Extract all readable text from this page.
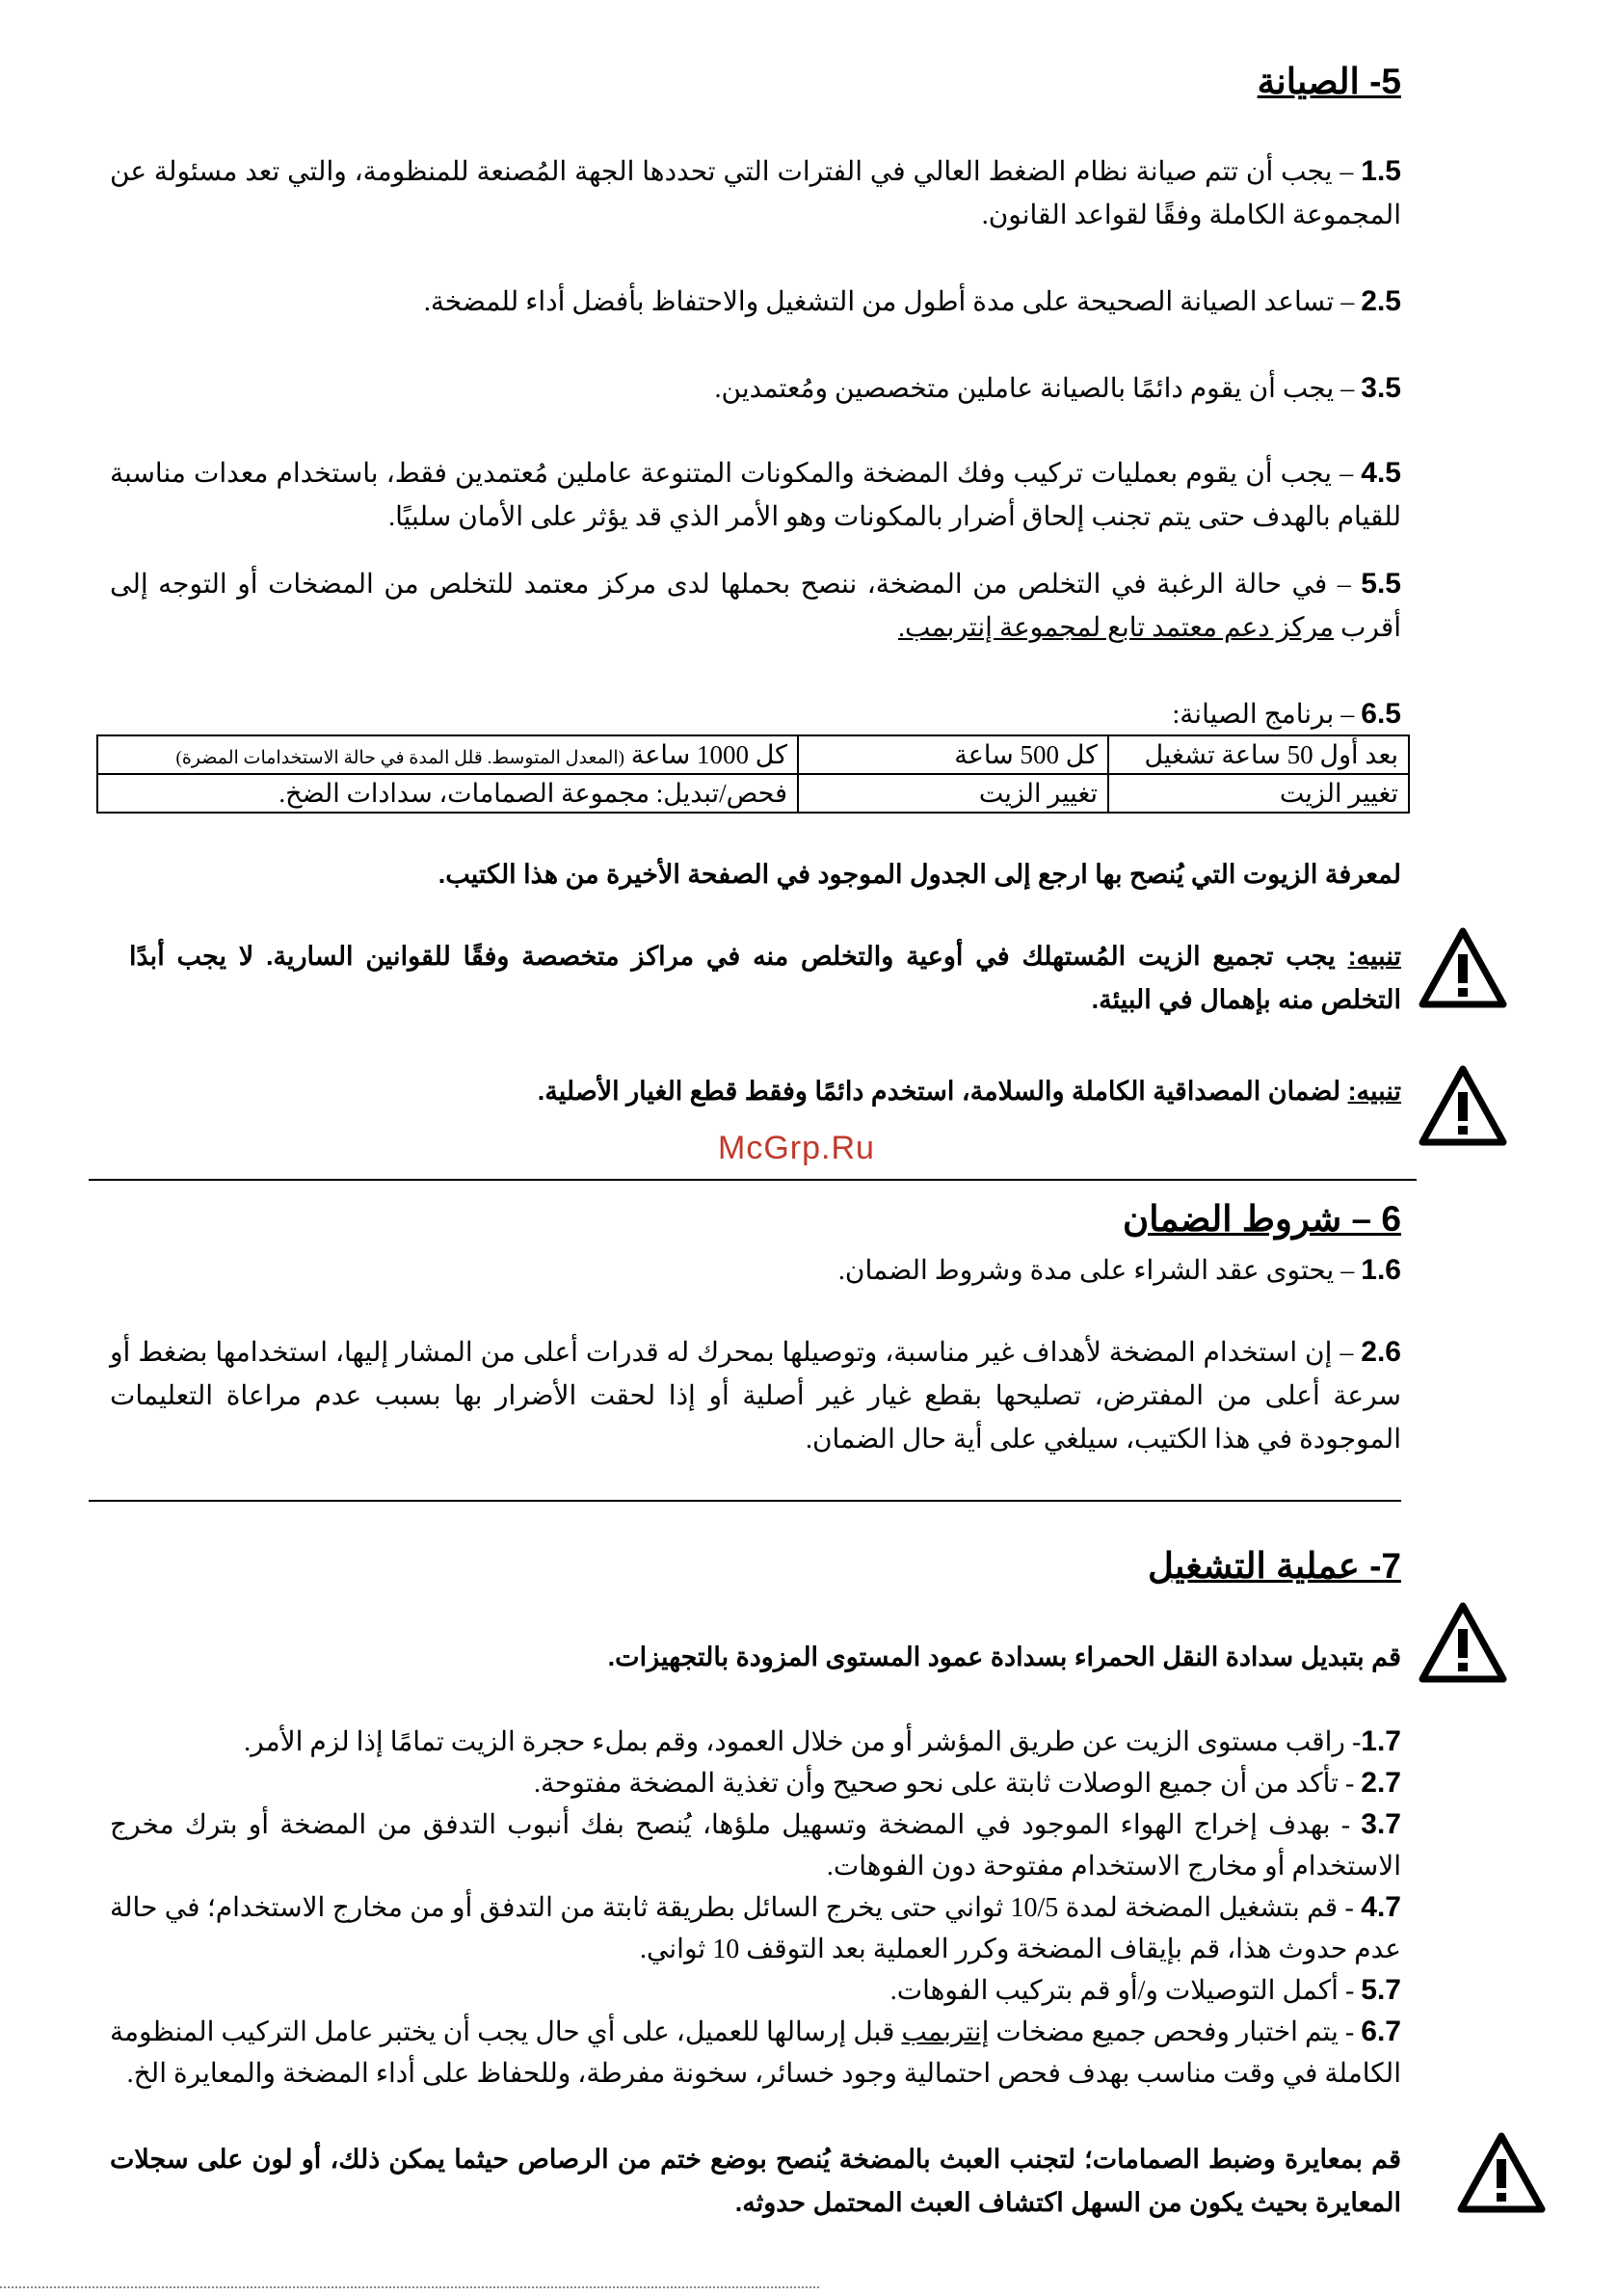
5- الصيانة

1.5 – يجب أن تتم صيانة نظام الضغط العالي في الفترات التي تحددها الجهة المُصنعة للمنظومة، والتي تعد مسئولة عن المجموعة الكاملة وفقًا لقواعد القانون.

2.5 – تساعد الصيانة الصحيحة على مدة أطول من التشغيل والاحتفاظ بأفضل أداء للمضخة.

3.5 – يجب أن يقوم دائمًا بالصيانة عاملين متخصصين ومُعتمدين.

4.5 – يجب أن يقوم بعمليات تركيب وفك المضخة والمكونات المتنوعة عاملين مُعتمدين فقط، باستخدام معدات مناسبة للقيام بالهدف حتى يتم تجنب إلحاق أضرار بالمكونات وهو الأمر الذي قد يؤثر على الأمان سلبيًا.

5.5 – في حالة الرغبة في التخلص من المضخة، ننصح بحملها لدى مركز معتمد للتخلص من المضخات أو التوجه إلى أقرب مركز دعم معتمد تابع لمجموعة إنتربمب.

6.5 – برنامج الصيانة:

بعد أول 50 ساعة تشغيل	كل 500 ساعة	كل 1000 ساعة (المعدل المتوسط. قلل المدة في حالة الاستخدامات المضرة)
تغيير الزيت	تغيير الزيت	فحص/تبديل: مجموعة الصمامات، سدادات الضخ.

لمعرفة الزيوت التي يُنصح بها ارجع إلى الجدول الموجود في الصفحة الأخيرة من هذا الكتيب.

تنبيه: يجب تجميع الزيت المُستهلك في أوعية والتخلص منه في مراكز متخصصة وفقًا للقوانين السارية. لا يجب أبدًا التخلص منه بإهمال في البيئة.

تنبيه: لضمان المصداقية الكاملة والسلامة، استخدم دائمًا وفقط قطع الغيار الأصلية.

McGrp.Ru

6 – شروط الضمان

1.6 – يحتوى عقد الشراء على مدة وشروط الضمان.

2.6 – إن استخدام المضخة لأهداف غير مناسبة، وتوصيلها بمحرك له قدرات أعلى من المشار إليها، استخدامها بضغط أو سرعة أعلى من المفترض، تصليحها بقطع غيار غير أصلية أو إذا لحقت الأضرار بها بسبب عدم مراعاة التعليمات الموجودة في هذا الكتيب، سيلغي على أية حال الضمان.

7- عملية التشغيل

قم بتبديل سدادة النقل الحمراء بسدادة عمود المستوى المزودة بالتجهيزات.

1.7- راقب مستوى الزيت عن طريق المؤشر أو من خلال العمود، وقم بملء حجرة الزيت تمامًا إذا لزم الأمر.

2.7 - تأكد من أن جميع الوصلات ثابتة على نحو صحيح وأن تغذية المضخة مفتوحة.

3.7 - بهدف إخراج الهواء الموجود في المضخة وتسهيل ملؤها، يُنصح بفك أنبوب التدفق من المضخة أو بترك مخرج الاستخدام أو مخارج الاستخدام مفتوحة دون الفوهات.

4.7 - قم بتشغيل المضخة لمدة 10/5 ثواني حتى يخرج السائل بطريقة ثابتة من التدفق أو من مخارج الاستخدام؛ في حالة عدم حدوث هذا، قم بإيقاف المضخة وكرر العملية بعد التوقف 10 ثواني.

5.7 - أكمل التوصيلات و/أو قم بتركيب الفوهات.

6.7 - يتم اختبار وفحص جميع مضخات إنتربمب قبل إرسالها للعميل، على أي حال يجب أن يختبر عامل التركيب المنظومة الكاملة في وقت مناسب بهدف فحص احتمالية وجود خسائر، سخونة مفرطة، وللحفاظ على أداء المضخة والمعايرة الخ.

قم بمعايرة وضبط الصمامات؛ لتجنب العبث بالمضخة يُنصح بوضع ختم من الرصاص حيثما يمكن ذلك، أو لون على سجلات المعايرة بحيث يكون من السهل اكتشاف العبث المحتمل حدوثه.
